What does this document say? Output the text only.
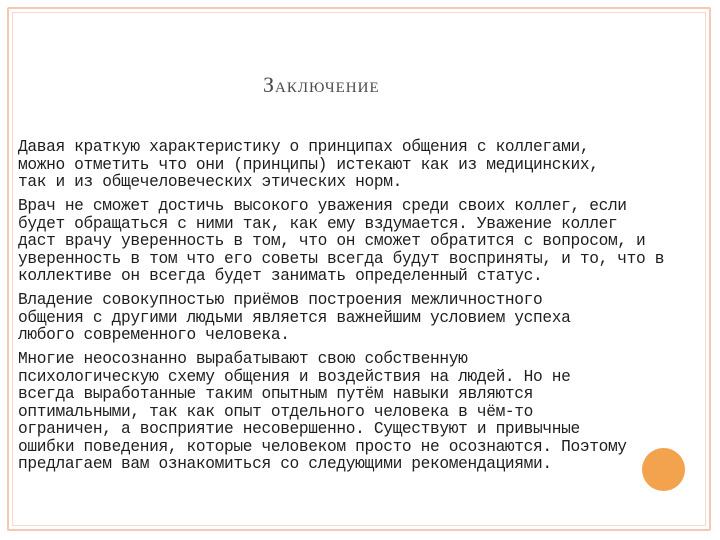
Заключение

Давая краткую характеристику о принципах общения с коллегами,
можно отметить что они (принципы) истекают как из медицинских,
так и из общечеловеческих этических норм.

Врач не сможет достичь высокого уважения среди своих коллег, если
будет обращаться с ними так, как ему вздумается. Уважение коллег
даст врачу уверенность в том, что он сможет обратится с вопросом, и
уверенность в том что его советы всегда будут восприняты, и то, что в
коллективе он всегда будет занимать определенный статус.

Владение совокупностью приёмов построения межличностного
общения с другими людьми является важнейшим условием успеха
любого современного человека.

Многие неосознанно вырабатывают свою собственную
психологическую схему общения и воздействия на людей. Но не
всегда выработанные таким опытным путём навыки являются
оптимальными, так как опыт отдельного человека в чём-то
ограничен, а восприятие несовершенно. Существуют и привычные
ошибки поведения, которые человеком просто не осознаются. Поэтому
предлагаем вам ознакомиться со следующими рекомендациями.
